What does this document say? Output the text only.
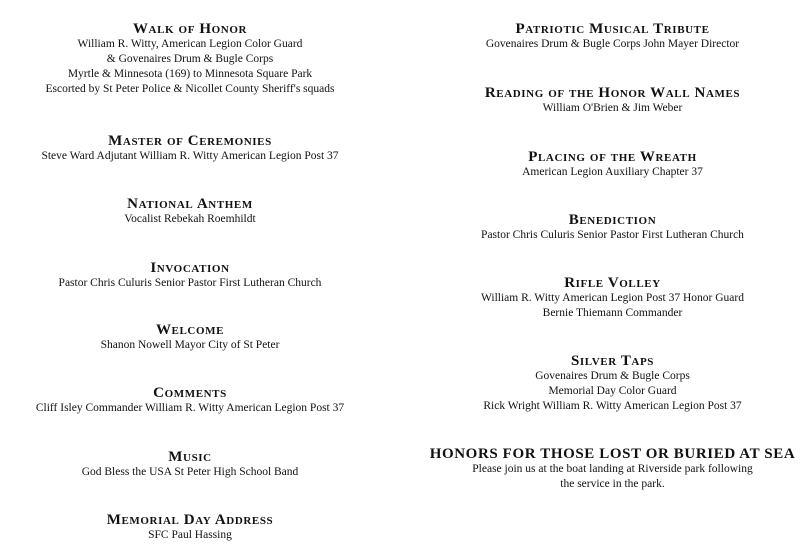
Walk of Honor

William R. Witty, American Legion Color Guard

& Govenaires Drum & Bugle Corps

Myrtle & Minnesota (169) to Minnesota Square Park

Escorted by St Peter Police & Nicollet County Sheriff's squads

Master of Ceremonies

Steve Ward Adjutant William R. Witty American Legion Post 37

National Anthem

Vocalist Rebekah Roemhildt

Invocation

Pastor Chris Culuris Senior Pastor First Lutheran Church

Welcome

Shanon Nowell Mayor City of St Peter

Comments

Cliff Isley Commander William R. Witty American Legion Post 37

Music

God Bless the USA St Peter High School Band

Memorial Day Address

SFC Paul Hassing

Patriotic Musical Tribute

Govenaires Drum & Bugle Corps John Mayer Director

Reading of the Honor Wall Names

William O'Brien & Jim Weber

Placing of the Wreath

American Legion Auxiliary Chapter 37

Benediction

Pastor Chris Culuris Senior Pastor First Lutheran Church

Rifle Volley

William R. Witty American Legion Post 37 Honor Guard

Bernie Thiemann Commander

Silver Taps

Govenaires Drum & Bugle Corps

Memorial Day Color Guard

Rick Wright William R. Witty American Legion Post 37

HONORS FOR THOSE LOST OR BURIED AT SEA

Please join us at the boat landing at Riverside park following

the service in the park.
